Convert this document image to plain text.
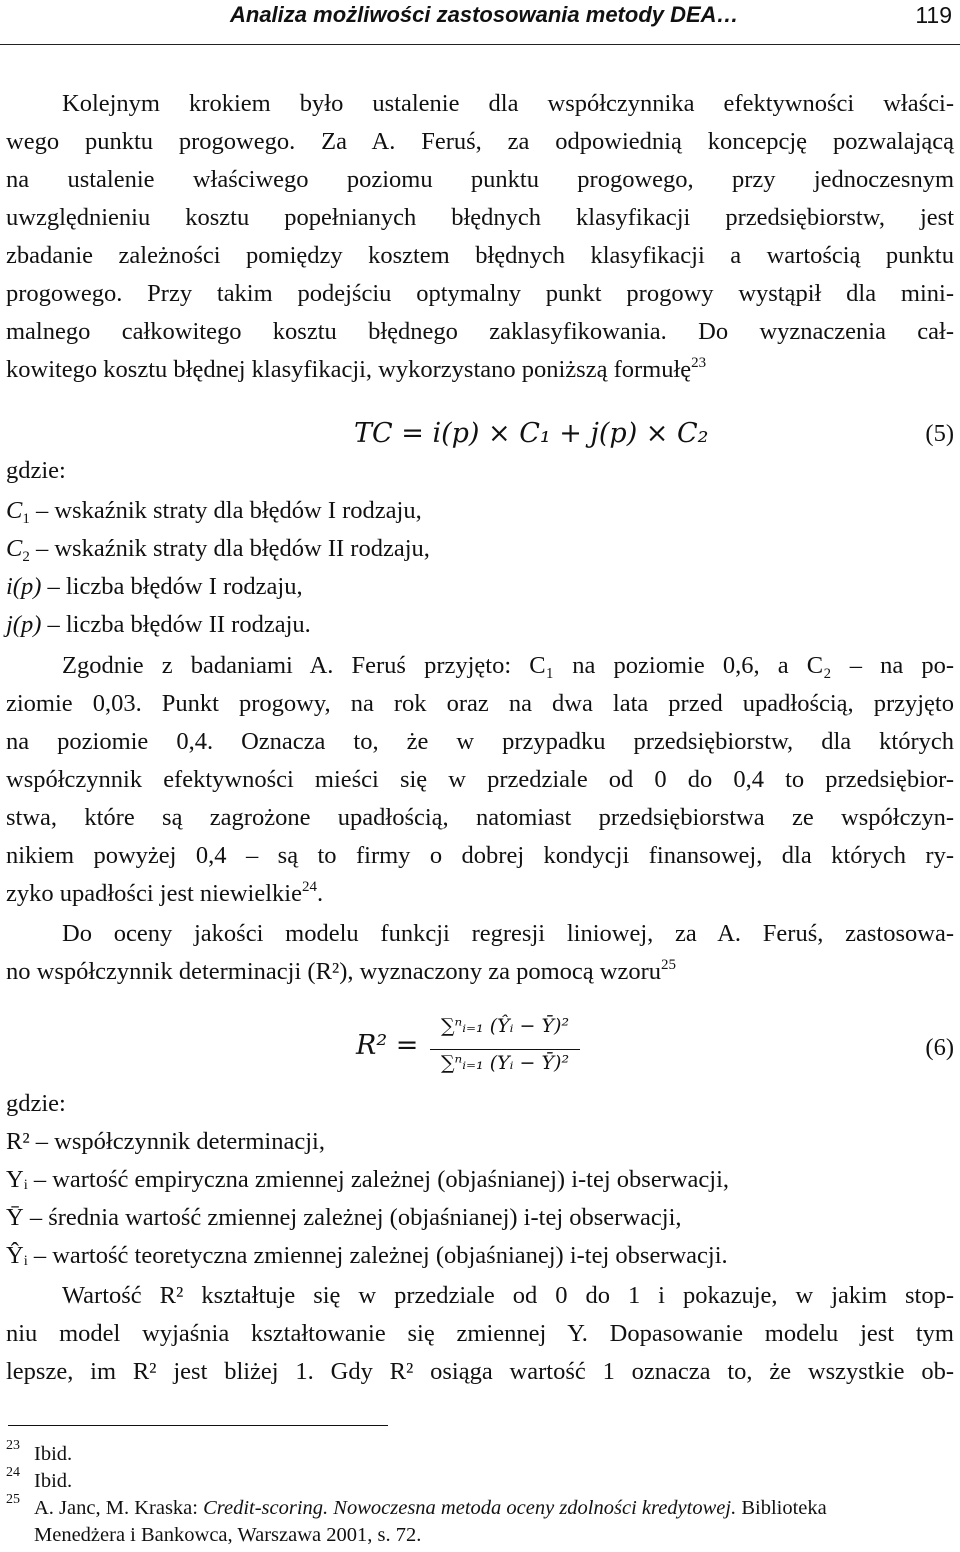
Analiza możliwości zastosowania metody DEA…	119
Kolejnym krokiem było ustalenie dla współczynnika efektywności właści-
wego punktu progowego. Za A. Feruś, za odpowiednią koncepcję pozwalającą
na ustalenie właściwego poziomu punktu progowego, przy jednoczesnym
uwzględnieniu kosztu popełnianych błędnych klasyfikacji przedsiębiorstw, jest
zbadanie zależności pomiędzy kosztem błędnych klasyfikacji a wartością punktu
progowego. Przy takim podejściu optymalny punkt progowy wystąpił dla mini-
malnego całkowitego kosztu błędnego zaklasyfikowania. Do wyznaczenia cał-
kowitego kosztu błędnej klasyfikacji, wykorzystano poniższą formułę$^{23}$
TC = i(p) × C₁ + j(p) × C₂	(5)
gdzie:
$C_1$ – wskaźnik straty dla błędów I rodzaju,
$C_2$ – wskaźnik straty dla błędów II rodzaju,
i(p) – liczba błędów I rodzaju,
j(p) – liczba błędów II rodzaju.
Zgodnie z badaniami A. Feruś przyjęto: C₁ na poziomie 0,6, a C₂ – na po-
ziomie 0,03. Punkt progowy, na rok oraz na dwa lata przed upadłością, przyjęto
na poziomie 0,4. Oznacza to, że w przypadku przedsiębiorstw, dla których
współczynnik efektywności mieści się w przedziale od 0 do 0,4 to przedsiębior-
stwa, które są zagrożone upadłością, natomiast przedsiębiorstwa ze współczyn-
nikiem powyżej 0,4 – są to firmy o dobrej kondycji finansowej, dla których ry-
zyko upadłości jest niewielkie$^{24}$.
Do oceny jakości modelu funkcji regresji liniowej, za A. Feruś, zastosowa-
no współczynnik determinacji (R²), wyznaczony za pomocą wzoru$^{25}$
R² =
∑ⁿᵢ₌₁ (Ŷᵢ − Ȳ)²
∑ⁿᵢ₌₁ (Yᵢ − Ȳ)²
(6)
gdzie:
R² – współczynnik determinacji,
Yᵢ – wartość empiryczna zmiennej zależnej (objaśnianej) i-tej obserwacji,
Ȳ – średnia wartość zmiennej zależnej (objaśnianej) i-tej obserwacji,
Ŷᵢ – wartość teoretyczna zmiennej zależnej (objaśnianej) i-tej obserwacji.
Wartość R² kształtuje się w przedziale od 0 do 1 i pokazuje, w jakim stop-
niu model wyjaśnia kształtowanie się zmiennej Y. Dopasowanie modelu jest tym
lepsze, im R² jest bliżej 1. Gdy R² osiąga wartość 1 oznacza to, że wszystkie ob-
23 Ibid.
24 Ibid.
25 A. Janc, M. Kraska: Credit-scoring. Nowoczesna metoda oceny zdolności kredytowej. Biblioteka
Menedżera i Bankowca, Warszawa 2001, s. 72.
